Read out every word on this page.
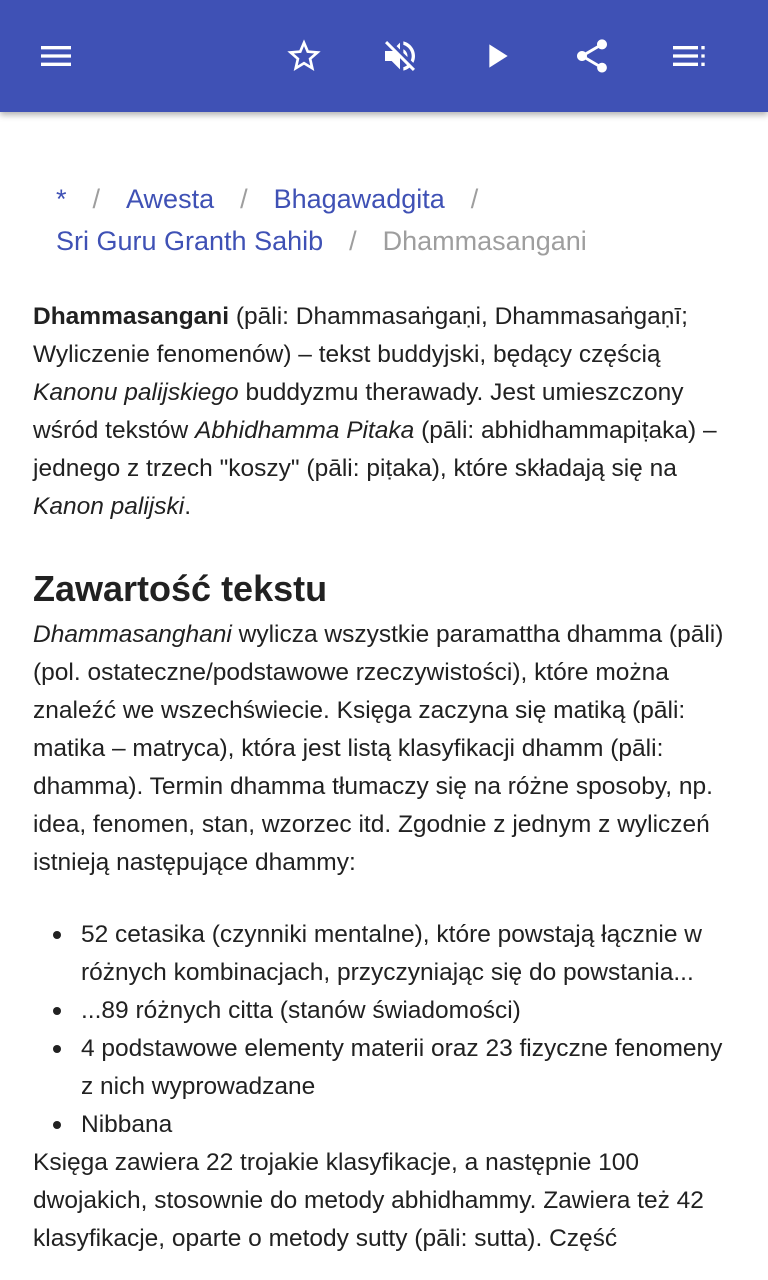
* / Awesta / Bhagawadgita /
Sri Guru Granth Sahib / Dhammasangani

Dhammasangani (pāli: Dhammasaṅgaṇi, Dhammasaṅgaṇī; Wyliczenie fenomenów) – tekst buddyjski, będący częścią Kanonu palijskiego buddyzmu therawady. Jest umieszczony wśród tekstów Abhidhamma Pitaka (pāli: abhidhammapiṭaka) – jednego z trzech "koszy" (pāli: piṭaka), które składają się na Kanon palijski.

Zawartość tekstu

Dhammasanghani wylicza wszystkie paramattha dhamma (pāli) (pol. ostateczne/podstawowe rzeczywistości), które można znaleźć we wszechświecie. Księga zaczyna się matiką (pāli: matika – matryca), która jest listą klasyfikacji dhamm (pāli: dhamma). Termin dhamma tłumaczy się na różne sposoby, np. idea, fenomen, stan, wzorzec itd. Zgodnie z jednym z wyliczeń istnieją następujące dhammy:

52 cetasika (czynniki mentalne), które powstają łącznie w różnych kombinacjach, przyczyniając się do powstania...
...89 różnych citta (stanów świadomości)
4 podstawowe elementy materii oraz 23 fizyczne fenomeny z nich wyprowadzane
Nibbana

Księga zawiera 22 trojakie klasyfikacje, a następnie 100 dwojakich, stosownie do metody abhidhammy. Zawiera też 42 klasyfikacje, oparte o metody sutty (pāli: sutta). Część
